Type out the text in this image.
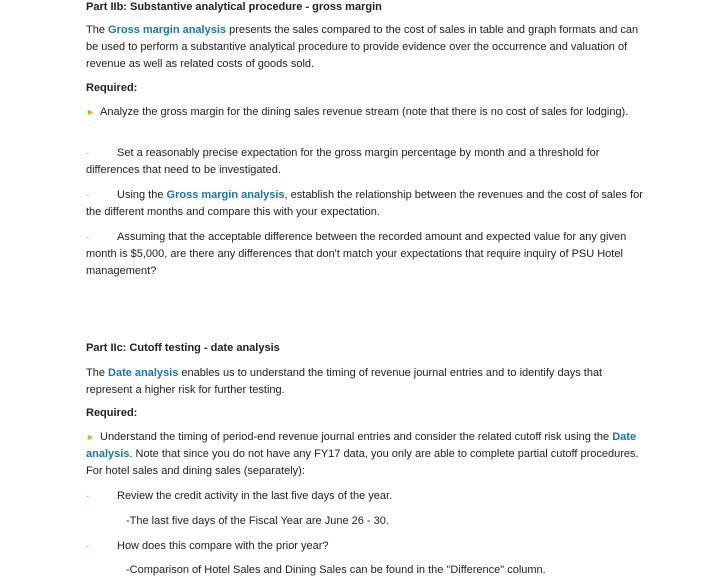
Part IIb: Substantive analytical procedure - gross margin

The Gross margin analysis presents the sales compared to the cost of sales in table and graph formats and can be used to perform a substantive analytical procedure to provide evidence over the occurrence and valuation of revenue as well as related costs of goods sold.

Required:

► Analyze the gross margin for the dining sales revenue stream (note that there is no cost of sales for lodging).

-	Set a reasonably precise expectation for the gross margin percentage by month and a threshold for differences that need to be investigated.

-	Using the Gross margin analysis, establish the relationship between the revenues and the cost of sales for the different months and compare this with your expectation.

-	Assuming that the acceptable difference between the recorded amount and expected value for any given month is $5,000, are there any differences that don't match your expectations that require inquiry of PSU Hotel management?

Part IIc: Cutoff testing - date analysis

The Date analysis enables us to understand the timing of revenue journal entries and to identify days that represent a higher risk for further testing.

Required:

► Understand the timing of period-end revenue journal entries and consider the related cutoff risk using the Date analysis. Note that since you do not have any FY17 data, you only are able to complete partial cutoff procedures. For hotel sales and dining sales (separately):

-	Review the credit activity in the last five days of the year.

-The last five days of the Fiscal Year are June 26 - 30.

-	How does this compare with the prior year?

-Comparison of Hotel Sales and Dining Sales can be found in the "Difference" column.
